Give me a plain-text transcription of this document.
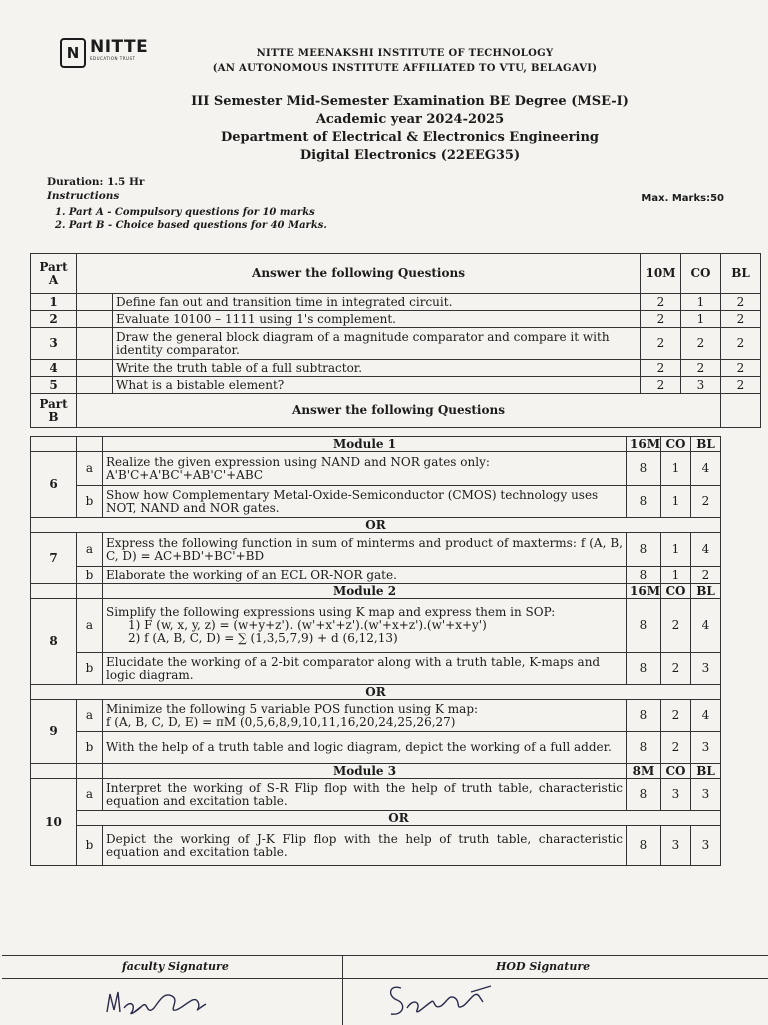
N NITTE
EDUCATION TRUST	NITTE MEENAKSHI INSTITUTE OF TECHNOLOGY
(AN AUTONOMOUS INSTITUTE AFFILIATED TO VTU, BELAGAVI)
III Semester Mid-Semester Examination BE Degree (MSE-I)
Academic year 2024-2025
Department of Electrical & Electronics Engineering
Digital Electronics (22EEG35)
Duration: 1.5 Hr
Instructions	Max. Marks:50
1. Part A - Compulsory questions for 10 marks
2. Part B - Choice based questions for 40 Marks.
Part A	Answer the following Questions		10M	CO	BL
1		Define fan out and transition time in integrated circuit.	2	1	2
2		Evaluate 10100 – 1111 using 1's complement.	2	1	2
3		Draw the general block diagram of a magnitude comparator and compare it with identity comparator.	2	2	2
4		Write the truth table of a full subtractor.	2	2	2
5		What is a bistable element?	2	3	2
Part B	Answer the following Questions				
		Module 1	16M	CO	BL
6	a	Realize the given expression using NAND and NOR gates only:
A'B'C+A'BC'+AB'C'+ABC	8	1	4
	b	Show how Complementary Metal-Oxide-Semiconductor (CMOS) technology uses NOT, NAND and NOR gates.	8	1	2
OR					
7	a	Express the following function in sum of minterms and product of maxterms: f (A, B, C, D) = AC+BD'+BC'+BD	8	1	4
	b	Elaborate the working of an ECL OR-NOR gate.	8	1	2
		Module 2	16M	CO	BL
8	a	Simplify the following expressions using K map and express them in SOP:
1) F (w, x, y, z) = (w+y+z'). (w'+x'+z').(w'+x+z').(w'+x+y')
2) f (A, B, C, D) = ∑ (1,3,5,7,9) + d (6,12,13)	8	2	4
	b	Elucidate the working of a 2-bit comparator along with a truth table, K-maps and logic diagram.	8	2	3
OR					
9	a	Minimize the following 5 variable POS function using K map:
f (A, B, C, D, E) = πM (0,5,6,8,9,10,11,16,20,24,25,26,27)	8	2	4
	b	With the help of a truth table and logic diagram, depict the working of a full adder.	8	2	3
		Module 3	8M	CO	BL
10	a	Interpret the working of S-R Flip flop with the help of truth table, characteristic equation and excitation table.	8	3	3
	OR				
	b	Depict the working of J-K Flip flop with the help of truth table, characteristic equation and excitation table.	8	3	3
faculty Signature	HOD Signature
